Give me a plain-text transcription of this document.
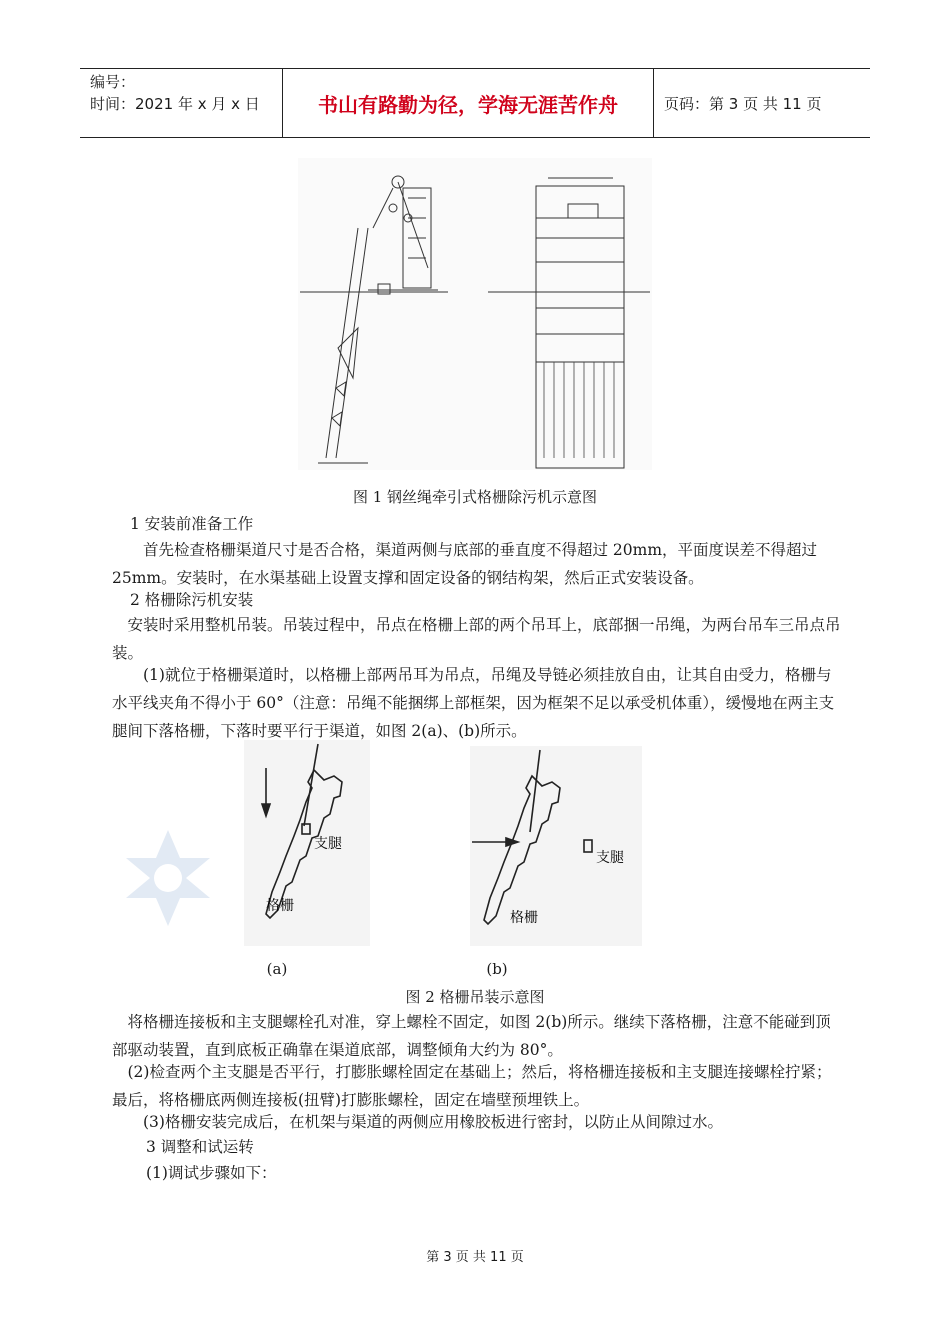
编号：
时间：2021 年 x 月 x 日	书山有路勤为径，学海无涯苦作舟	页码：第 3 页 共 11 页
图 1 钢丝绳牵引式格栅除污机示意图
1 安装前准备工作
首先检查格栅渠道尺寸是否合格，渠道两侧与底部的垂直度不得超过 20mm，平面度误差不得超过 25mm。安装时，在水渠基础上设置支撑和固定设备的钢结构架，然后正式安装设备。
2 格栅除污机安装
安装时采用整机吊装。吊装过程中，吊点在格栅上部的两个吊耳上，底部捆一吊绳，为两台吊车三吊点吊装。
(1)就位于格栅渠道时，以格栅上部两吊耳为吊点，吊绳及导链必须挂放自由，让其自由受力，格栅与水平线夹角不得小于 60°（注意：吊绳不能捆绑上部框架，因为框架不足以承受机体重），缓慢地在两主支腿间下落格栅，下落时要平行于渠道，如图 2(a)、(b)所示。
支腿
格栅
支腿
格栅
(a)	(b)
图 2 格栅吊装示意图
将格栅连接板和主支腿螺栓孔对准，穿上螺栓不固定，如图 2(b)所示。继续下落格栅，注意不能碰到顶部驱动装置，直到底板正确靠在渠道底部，调整倾角大约为 80°。
(2)检查两个主支腿是否平行，打膨胀螺栓固定在基础上；然后，将格栅连接板和主支腿连接螺栓拧紧；最后，将格栅底两侧连接板(扭臂)打膨胀螺栓，固定在墙壁预埋铁上。
(3)格栅安装完成后，在机架与渠道的两侧应用橡胶板进行密封，以防止从间隙过水。
3 调整和试运转
(1)调试步骤如下：
第 3 页 共 11 页
